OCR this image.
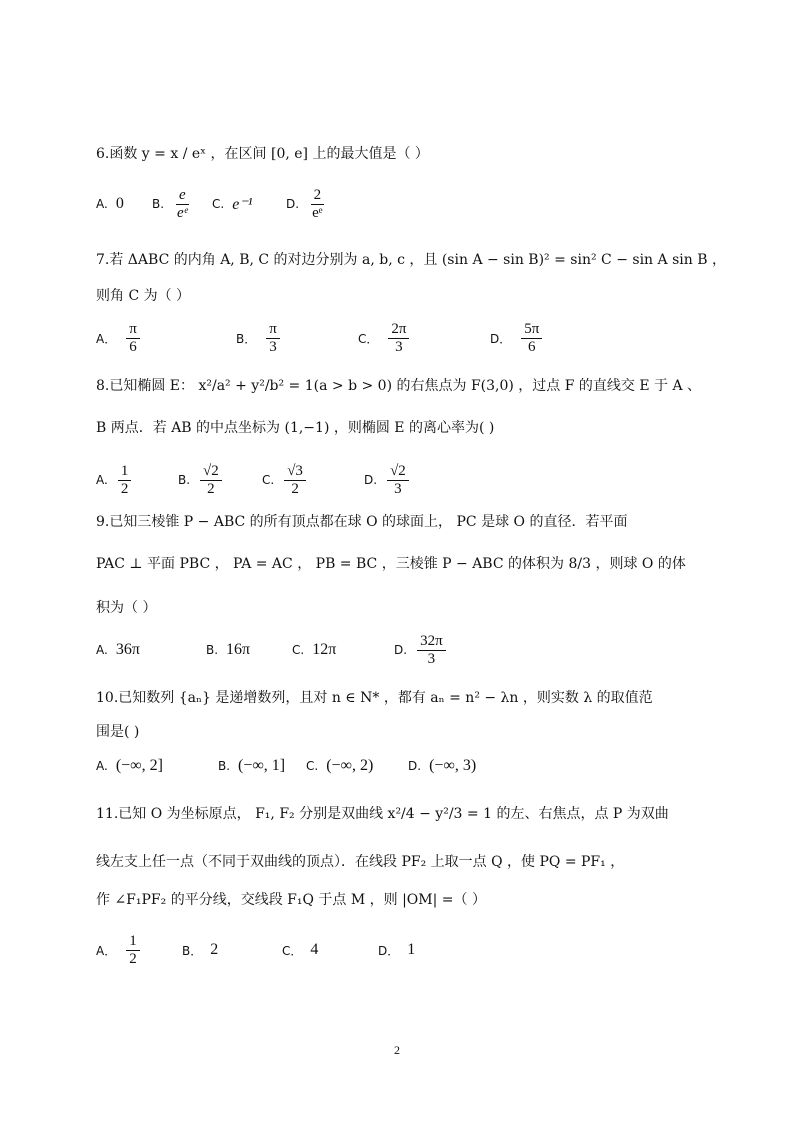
6.函数 y = x / eˣ ，在区间 [0, e] 上的最大值是（ ）
A. 0 B. $\frac{e}{\text{eᵉ}} C$. e⁻¹	D. $\frac{2}{\text{eᵉ}}$
7.若 ΔABC 的内角 A, B, C 的对边分别为 a, b, c ，且 (sin A − sin B)² = sin² C − sin A sin B ，
则角 C 为（ ）
A． $\frac{\pi}{6}$	B． $\frac{\pi}{3}$	C． $\frac{2\pi}{3}$	D． $\frac{5\pi}{6}$
8.已知椭圆 E： x²/a² + y²/b² = 1(a > b > 0) 的右焦点为 F(3,0) ，过点 F 的直线交 E 于 A 、
B 两点．若 AB 的中点坐标为 (1,−1) ，则椭圆 E 的离心率为( )
A. $\frac{1}{2}$	B. $\frac{√2}{2}$	C. $\frac{√3}{2}$	D. $\frac{√2}{3}$
9.已知三棱锥 P − ABC 的所有顶点都在球 O 的球面上， PC 是球 O 的直径．若平面
PAC ⊥ 平面 PBC ， PA = AC ， PB = BC ，三棱锥 P − ABC 的体积为 8/3 ，则球 O 的体
积为（ ）
A. 36π	B. 16π	C. 12π	D. $\frac{32\pi}{3}$
10.已知数列 {aₙ} 是递增数列，且对 n ∈ N* ，都有 aₙ = n² − λn ，则实数 λ 的取值范
围是( )
A. (−∞, 2]	B. (−∞, 1] C. (−∞, 2)	D. (−∞, 3)
11.已知 O 为坐标原点， F₁, F₂ 分别是双曲线 x²/4 − y²/3 = 1 的左、右焦点，点 P 为双曲
线左支上任一点（不同于双曲线的顶点）．在线段 PF₂ 上取一点 Q ，使 PQ = PF₁ ，
作 ∠F₁PF₂ 的平分线，交线段 F₁Q 于点 M ，则 |OM| =（ ）
A． $\frac{1}{2}$	B． 2	C． 4	D． 1
2
